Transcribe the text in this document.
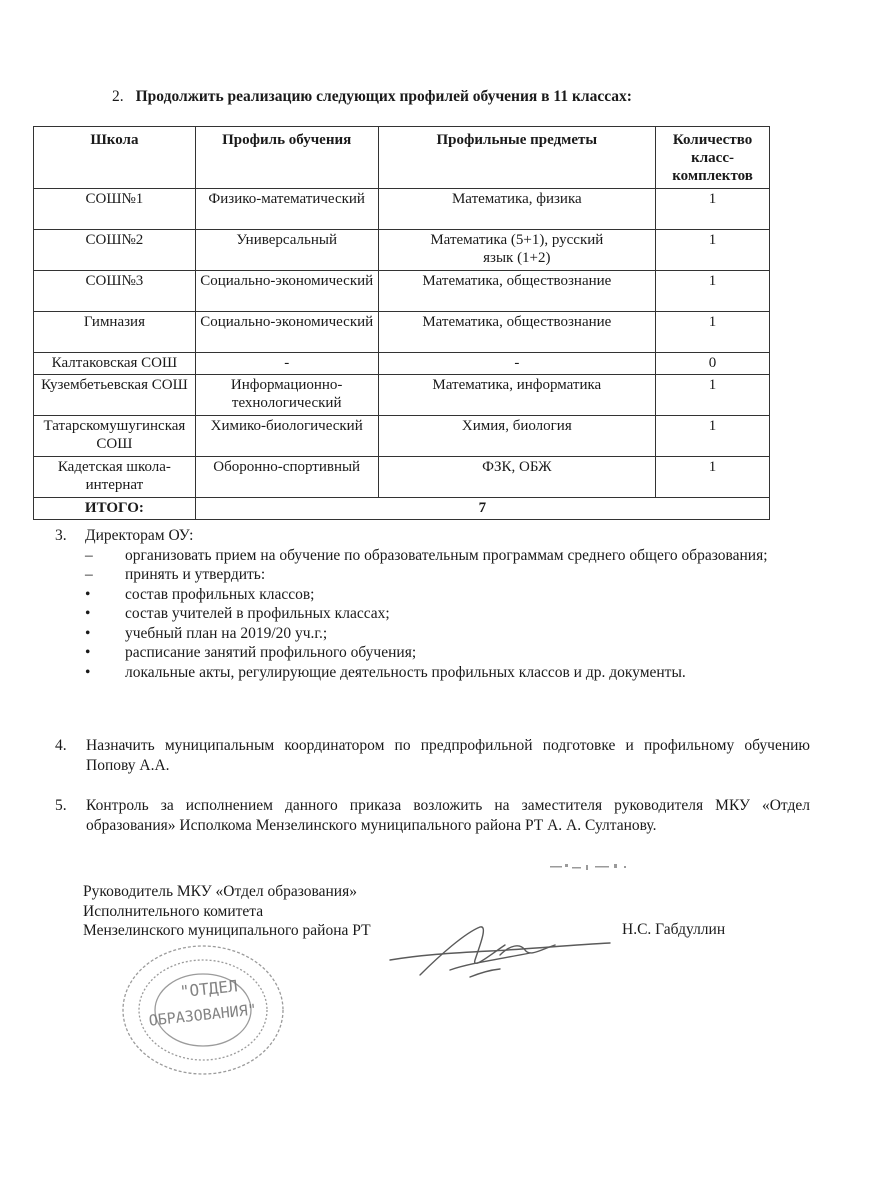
2. Продолжить реализацию следующих профилей обучения в 11 классах:
Школа	Профиль обучения	Профильные предметы	Количество класс-комплектов
СОШ№1	Физико-математический	Математика, физика	1
СОШ№2	Универсальный	Математика (5+1), русский язык (1+2)	1
СОШ№3	Социально-экономический	Математика, обществознание	1
Гимназия	Социально-экономический	Математика, обществознание	1
Калтаковская СОШ	-	-	0
Кузембетьевская СОШ	Информационно-технологический	Математика, информатика	1
Татарскомушугинская СОШ	Химико-биологический	Химия, биология	1
Кадетская школа-интернат	Оборонно-спортивный	ФЗК, ОБЖ	1
ИТОГО:	7		
3.	Директорам ОУ:
– организовать прием на обучение по образовательным программам среднего общего образования;
– принять и утвердить:
• состав профильных классов;
• состав учителей в профильных классах;
• учебный план на 2019/20 уч.г.;
• расписание занятий профильного обучения;
• локальные акты, регулирующие деятельность профильных классов и др. документы.
4. Назначить муниципальным координатором по предпрофильной подготовке и профильному обучению Попову А.А.
5. Контроль за исполнением данного приказа возложить на заместителя руководителя МКУ «Отдел образования» Исполкома Мензелинского муниципального района РТ А. А. Султанову.
"ОТДЕЛ
ОБРАЗОВАНИЯ"
Руководитель МКУ «Отдел образования»
Исполнительного комитета
Мензелинского муниципального района РТ	Н.С. Габдуллин
